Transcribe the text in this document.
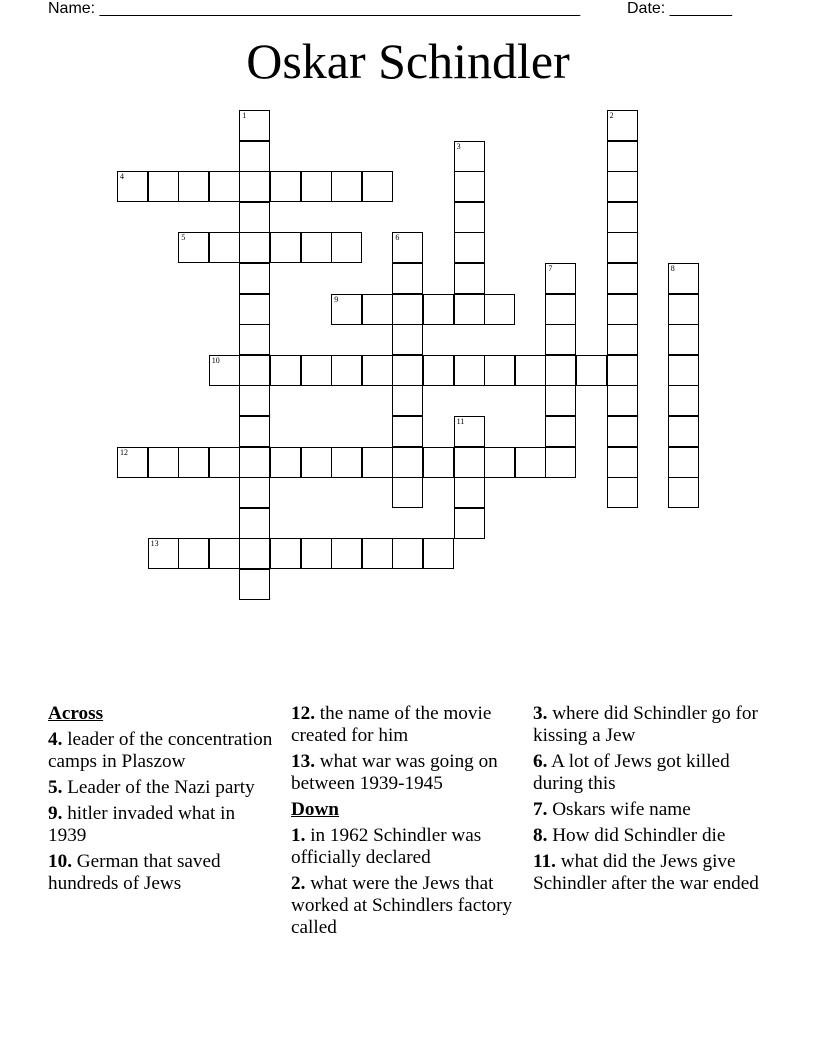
Name: ______________________________________________________	Date: _______
Oskar Schindler
1	2
3
4
5	6
7	8
9
10
11
12
13
Across
4. leader of the concentration camps in Plaszow
5. Leader of the Nazi party
9. hitler invaded what in 1939
10. German that saved hundreds of Jews
12. the name of the movie created for him
13. what war was going on between 1939-1945
Down
1. in 1962 Schindler was officially declared
2. what were the Jews that worked at Schindlers factory called
3. where did Schindler go for kissing a Jew
6. A lot of Jews got killed during this
7. Oskars wife name
8. How did Schindler die
11. what did the Jews give Schindler after the war ended
